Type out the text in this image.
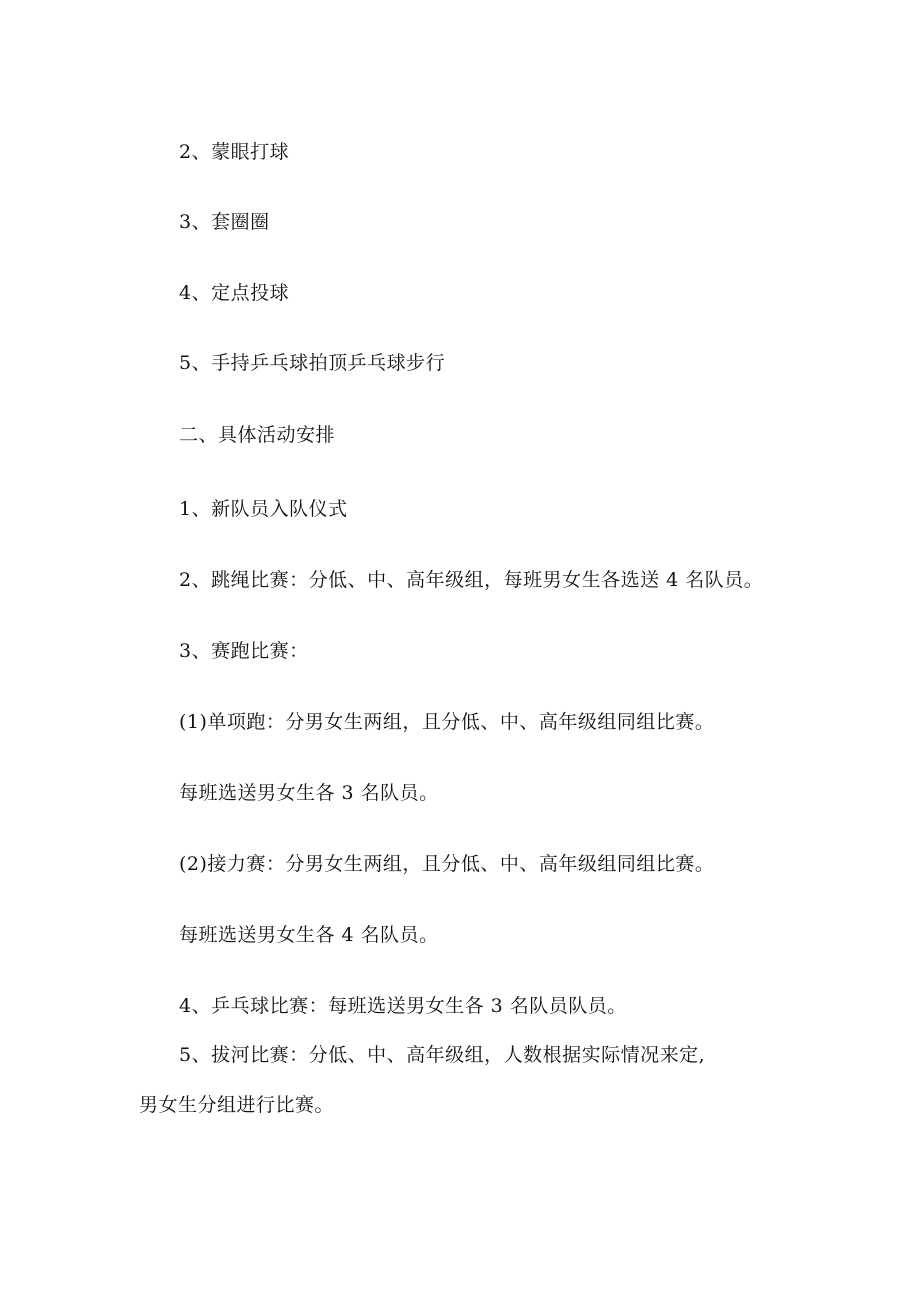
2、蒙眼打球
3、套圈圈
4、定点投球
5、手持乒乓球拍顶乒乓球步行
二、具体活动安排
1、新队员入队仪式
2、跳绳比赛：分低、中、高年级组，每班男女生各选送 4 名队员。
3、赛跑比赛：
(1)单项跑：分男女生两组，且分低、中、高年级组同组比赛。
每班选送男女生各 3 名队员。
(2)接力赛：分男女生两组，且分低、中、高年级组同组比赛。
每班选送男女生各 4 名队员。
4、乒乓球比赛：每班选送男女生各 3 名队员队员。
5、拔河比赛：分低、中、高年级组，人数根据实际情况来定,
男女生分组进行比赛。
